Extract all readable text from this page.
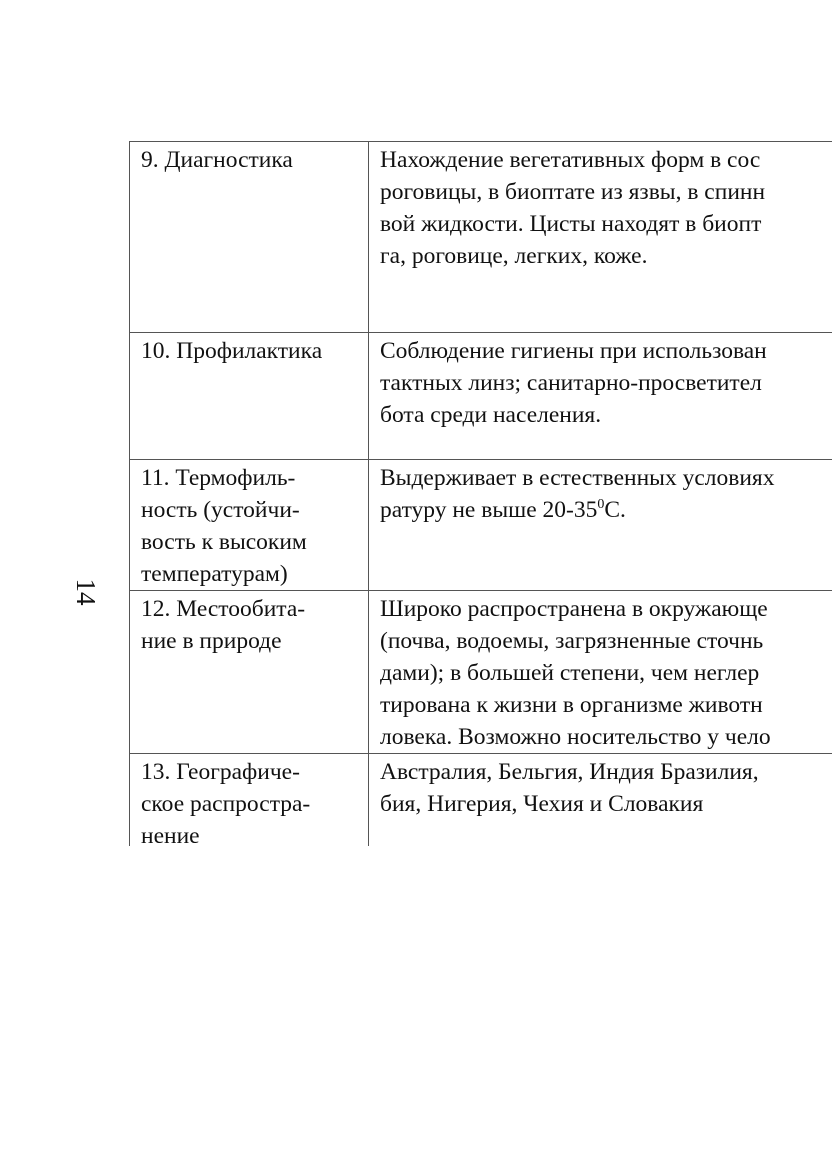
14
9. Диагностика	Нахождение вегетативных форм в сос
роговицы, в биоптате из язвы, в спинн
вой жидкости. Цисты находят в биопт
га, роговице, легких, коже.

10. Профилактика	Соблюдение гигиены при использован
тактных линз; санитарно-просветител
бота среди населения.

11. Термофиль-
ность (устойчи-
вость к высоким
температурам)	Выдерживает в естественных условиях
ратуру не выше $20-35^0С$.

12. Местообита-
ние в природе	Широко распространена в окружающе
(почва, водоемы, загрязненные сточнь
дами); в большей степени, чем неглер
тирована к жизни в организме животн
ловека. Возможно носительство у чело

13. Географиче-
ское распростра-
нение	Австралия, Бельгия, Индия Бразилия,
бия, Нигерия, Чехия и Словакия
